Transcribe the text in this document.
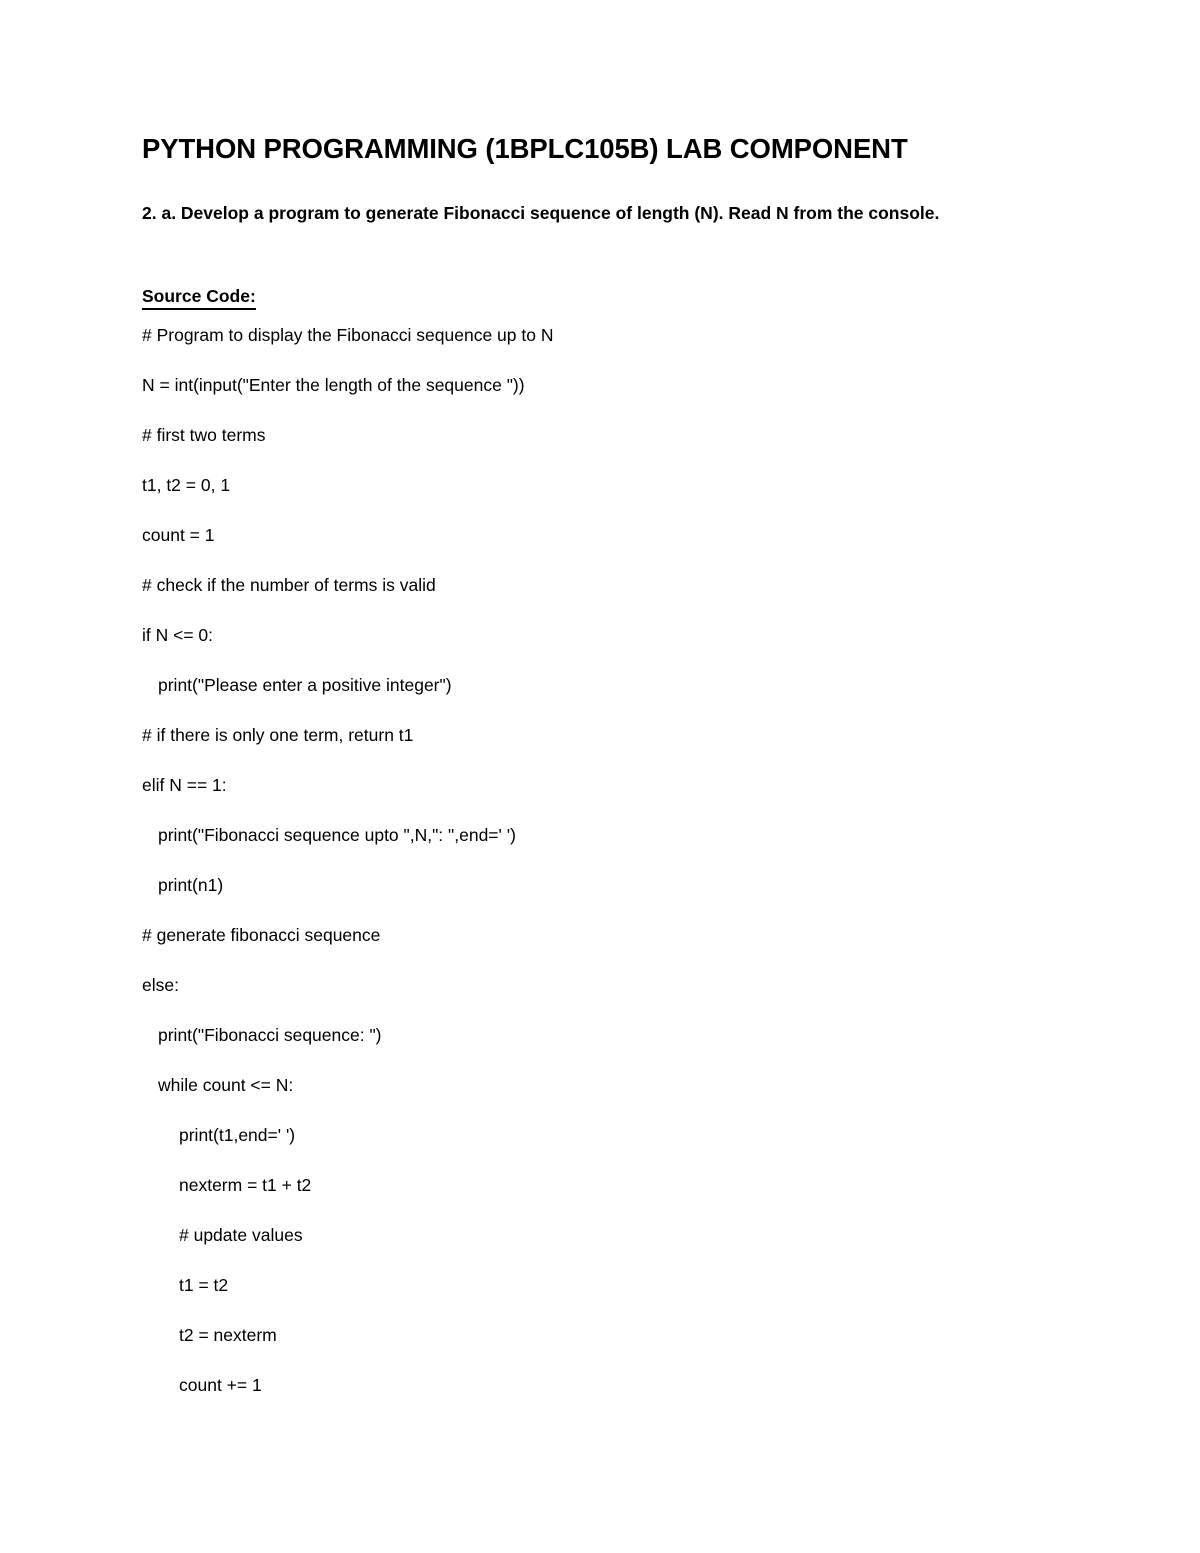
PYTHON PROGRAMMING (1BPLC105B) LAB COMPONENT

2. a. Develop a program to generate Fibonacci sequence of length (N). Read N from the console.

Source Code:
# Program to display the Fibonacci sequence up to N
N = int(input("Enter the length of the sequence "))
# first two terms
t1, t2 = 0, 1
count = 1
# check if the number of terms is valid
if N <= 0:
print("Please enter a positive integer")
# if there is only one term, return t1
elif N == 1:
print("Fibonacci sequence upto ",N,": ",end=' ')
print(n1)
# generate fibonacci sequence
else:
print("Fibonacci sequence: ")
while count <= N:
print(t1,end=' ')
nexterm = t1 + t2
# update values
t1 = t2
t2 = nexterm
count += 1
